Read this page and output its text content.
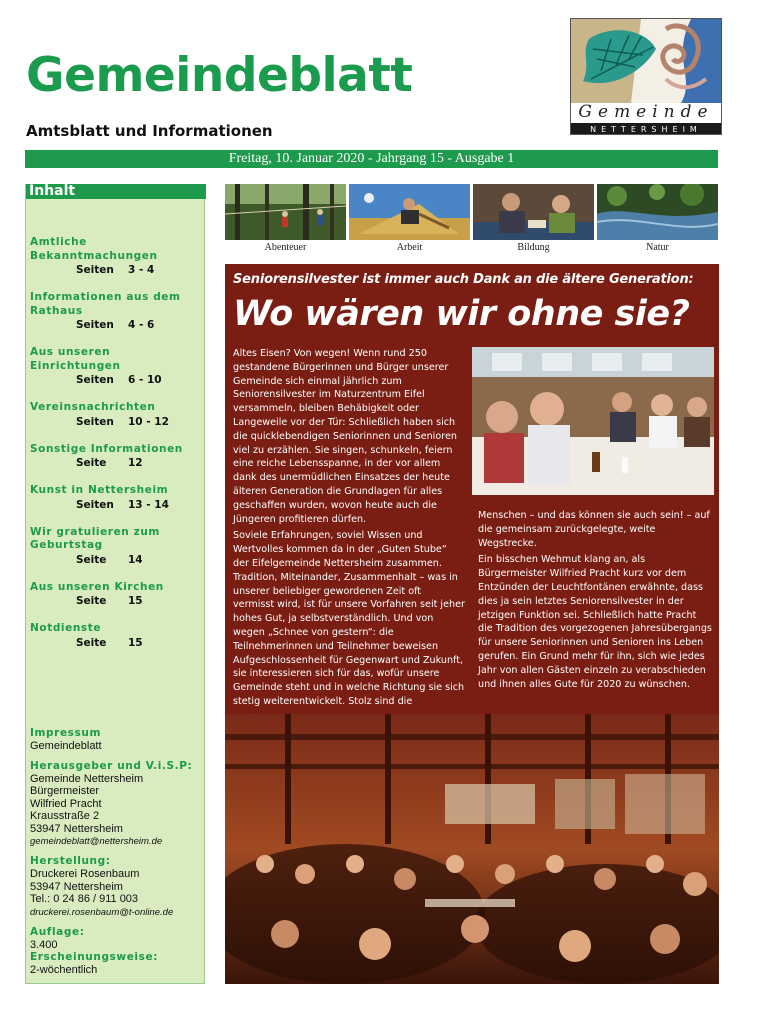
Gemeindeblatt
Amtsblatt und Informationen
Gemeinde
NETTERSHEIM
Freitag, 10. Januar 2020 - Jahrgang 15 - Ausgabe 1
Inhalt
Amtliche Bekanntmachungen
Seiten 3 - 4
Informationen aus dem Rathaus
Seiten 4 - 6
Aus unseren Einrichtungen
Seiten 6 - 10
Vereinsnachrichten
Seiten 10 - 12
Sonstige Informationen
Seite 12
Kunst in Nettersheim
Seiten 13 - 14
Wir gratulieren zum Geburtstag
Seite 14
Aus unseren Kirchen
Seite 15
Notdienste
Seite 15
Impressum
Gemeindeblatt
Herausgeber und V.i.S.P:
Gemeinde Nettersheim
Bürgermeister
Wilfried Pracht
Krausstraße 2
53947 Nettersheim
gemeindeblatt@nettersheim.de
Herstellung:
Druckerei Rosenbaum
53947 Nettersheim
Tel.: 0 24 86 / 911 003
druckerei.rosenbaum@t-online.de
Auflage:
3.400
Erscheinungsweise:
2-wöchentlich
Abenteuer	Arbeit	Bildung	Natur
Seniorensilvester ist immer auch Dank an die ältere Generation:
Wo wären wir ohne sie?

Altes Eisen? Von wegen! Wenn rund 250 gestandene Bürgerinnen und Bürger unserer Gemeinde sich einmal jährlich zum Seniorensilvester im Naturzentrum Eifel versammeln, bleiben Behäbigkeit oder Langeweile vor der Tür: Schließlich haben sich die quicklebendigen Seniorinnen und Senioren viel zu erzählen. Sie singen, schunkeln, feiern eine reiche Lebensspanne, in der vor allem dank des unermüdlichen Einsatzes der heute älteren Generation die Grundlagen für alles geschaffen wurden, wovon heute auch die Jüngeren profitieren dürfen.

Soviele Erfahrungen, soviel Wissen und Wertvolles kommen da in der „Guten Stube“ der Eifelgemeinde Nettersheim zusammen. Tradition, Miteinander, Zusammenhalt – was in unserer beliebiger gewordenen Zeit oft vermisst wird, ist für unsere Vorfahren seit jeher hohes Gut, ja selbstverständlich. Und von wegen „Schnee von gestern“: die Teilnehmerinnen und Teilnehmer beweisen Aufgeschlossenheit für Gegenwart und Zukunft, sie interessieren sich für das, wofür unsere Gemeinde steht und in welche Richtung sie sich stetig weiterentwickelt. Stolz sind die

Menschen – und das können sie auch sein! – auf die gemeinsam zurückgelegte, weite Wegstrecke.

Ein bisschen Wehmut klang an, als Bürgermeister Wilfried Pracht kurz vor dem Entzünden der Leuchtfontänen erwähnte, dass dies ja sein letztes Seniorensilvester in der jetzigen Funktion sei. Schließlich hatte Pracht die Tradition des vorgezogenen Jahresübergangs für unsere Seniorinnen und Senioren ins Leben gerufen. Ein Grund mehr für ihn, sich wie jedes Jahr von allen Gästen einzeln zu verabschieden und ihnen alles Gute für 2020 zu wünschen.
